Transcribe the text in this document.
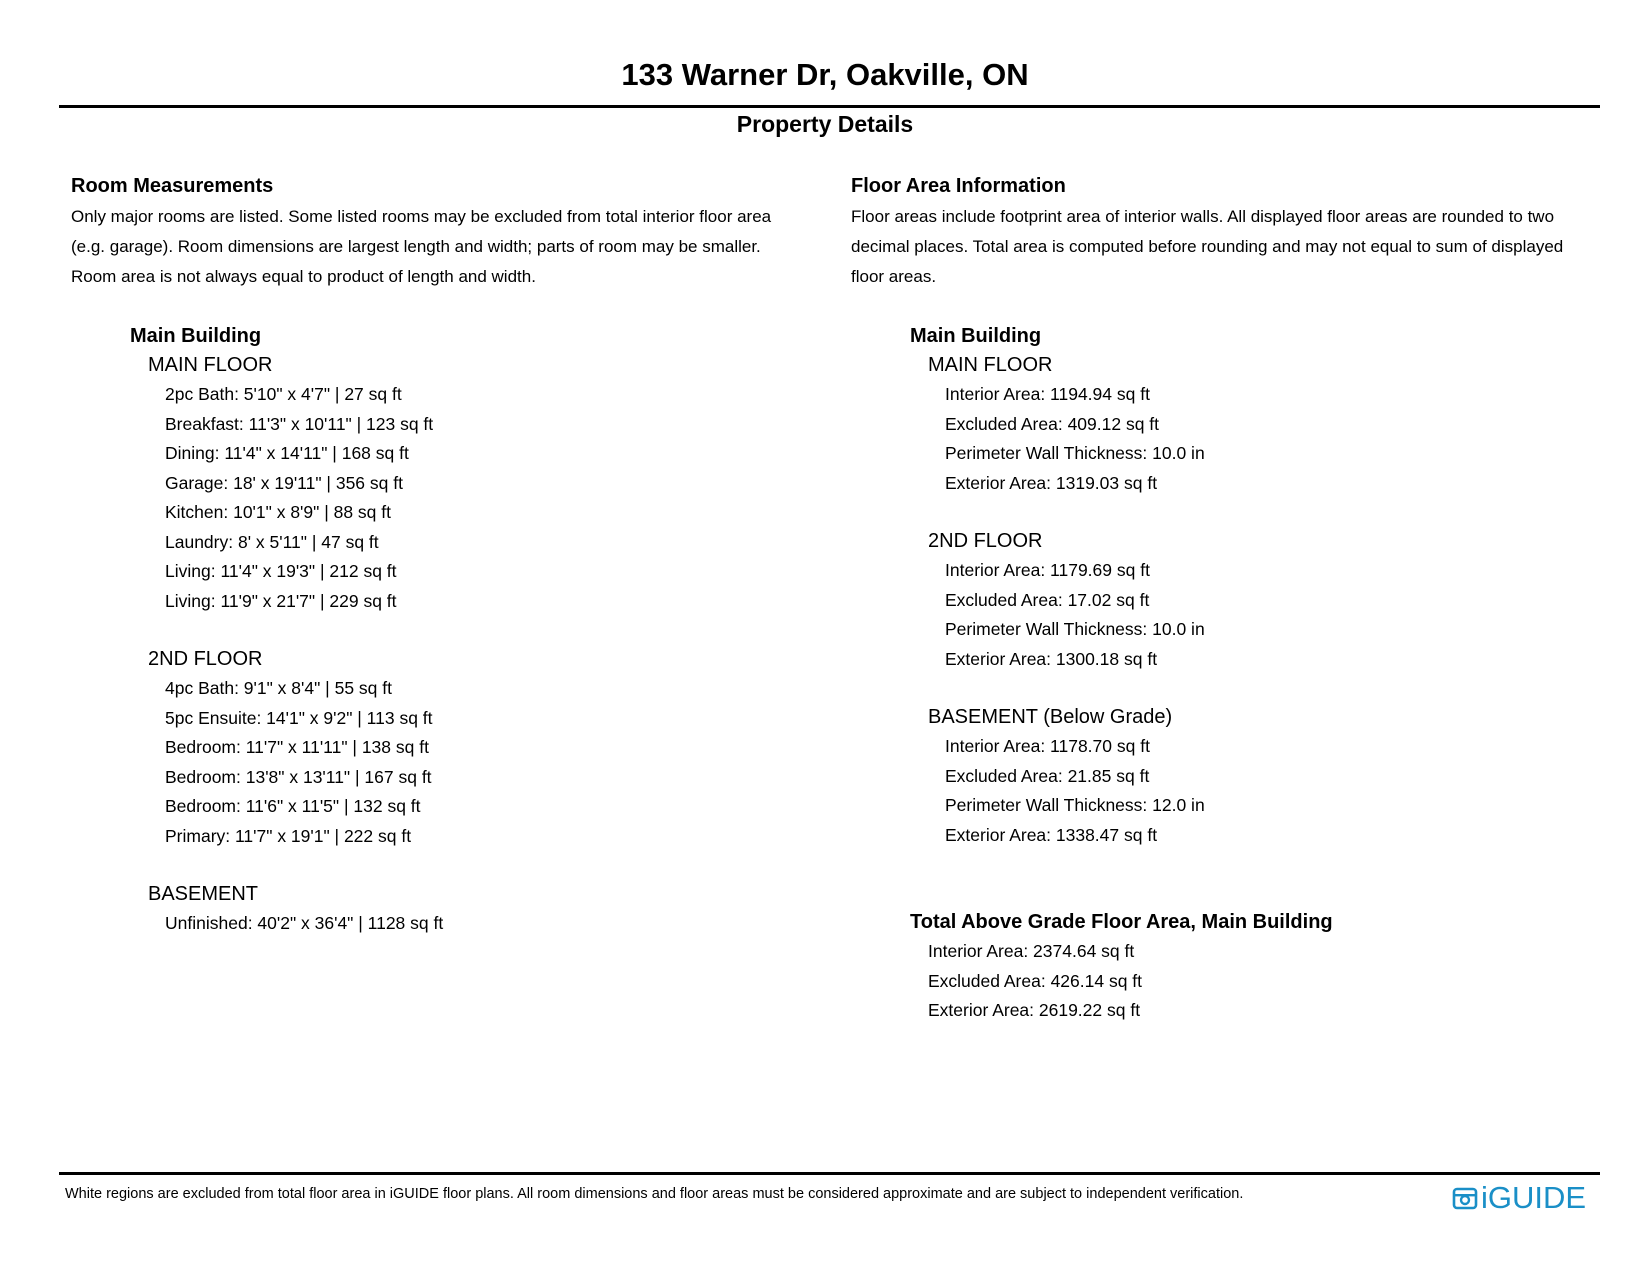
133 Warner Dr, Oakville, ON
Property Details
Room Measurements
Only major rooms are listed. Some listed rooms may be excluded from total interior floor area
(e.g. garage). Room dimensions are largest length and width; parts of room may be smaller.
Room area is not always equal to product of length and width.
Main Building
MAIN FLOOR
2pc Bath: 5'10" x 4'7" | 27 sq ft
Breakfast: 11'3" x 10'11" | 123 sq ft
Dining: 11'4" x 14'11" | 168 sq ft
Garage: 18' x 19'11" | 356 sq ft
Kitchen: 10'1" x 8'9" | 88 sq ft
Laundry: 8' x 5'11" | 47 sq ft
Living: 11'4" x 19'3" | 212 sq ft
Living: 11'9" x 21'7" | 229 sq ft
2ND FLOOR
4pc Bath: 9'1" x 8'4" | 55 sq ft
5pc Ensuite: 14'1" x 9'2" | 113 sq ft
Bedroom: 11'7" x 11'11" | 138 sq ft
Bedroom: 13'8" x 13'11" | 167 sq ft
Bedroom: 11'6" x 11'5" | 132 sq ft
Primary: 11'7" x 19'1" | 222 sq ft
BASEMENT
Unfinished: 40'2" x 36'4" | 1128 sq ft
Floor Area Information
Floor areas include footprint area of interior walls. All displayed floor areas are rounded to two
decimal places. Total area is computed before rounding and may not equal to sum of displayed
floor areas.
Main Building
MAIN FLOOR
Interior Area: 1194.94 sq ft
Excluded Area: 409.12 sq ft
Perimeter Wall Thickness: 10.0 in
Exterior Area: 1319.03 sq ft
2ND FLOOR
Interior Area: 1179.69 sq ft
Excluded Area: 17.02 sq ft
Perimeter Wall Thickness: 10.0 in
Exterior Area: 1300.18 sq ft
BASEMENT (Below Grade)
Interior Area: 1178.70 sq ft
Excluded Area: 21.85 sq ft
Perimeter Wall Thickness: 12.0 in
Exterior Area: 1338.47 sq ft
Total Above Grade Floor Area, Main Building
Interior Area: 2374.64 sq ft
Excluded Area: 426.14 sq ft
Exterior Area: 2619.22 sq ft
White regions are excluded from total floor area in iGUIDE floor plans. All room dimensions and floor areas must be considered approximate and are subject to independent verification.	iGUIDE
